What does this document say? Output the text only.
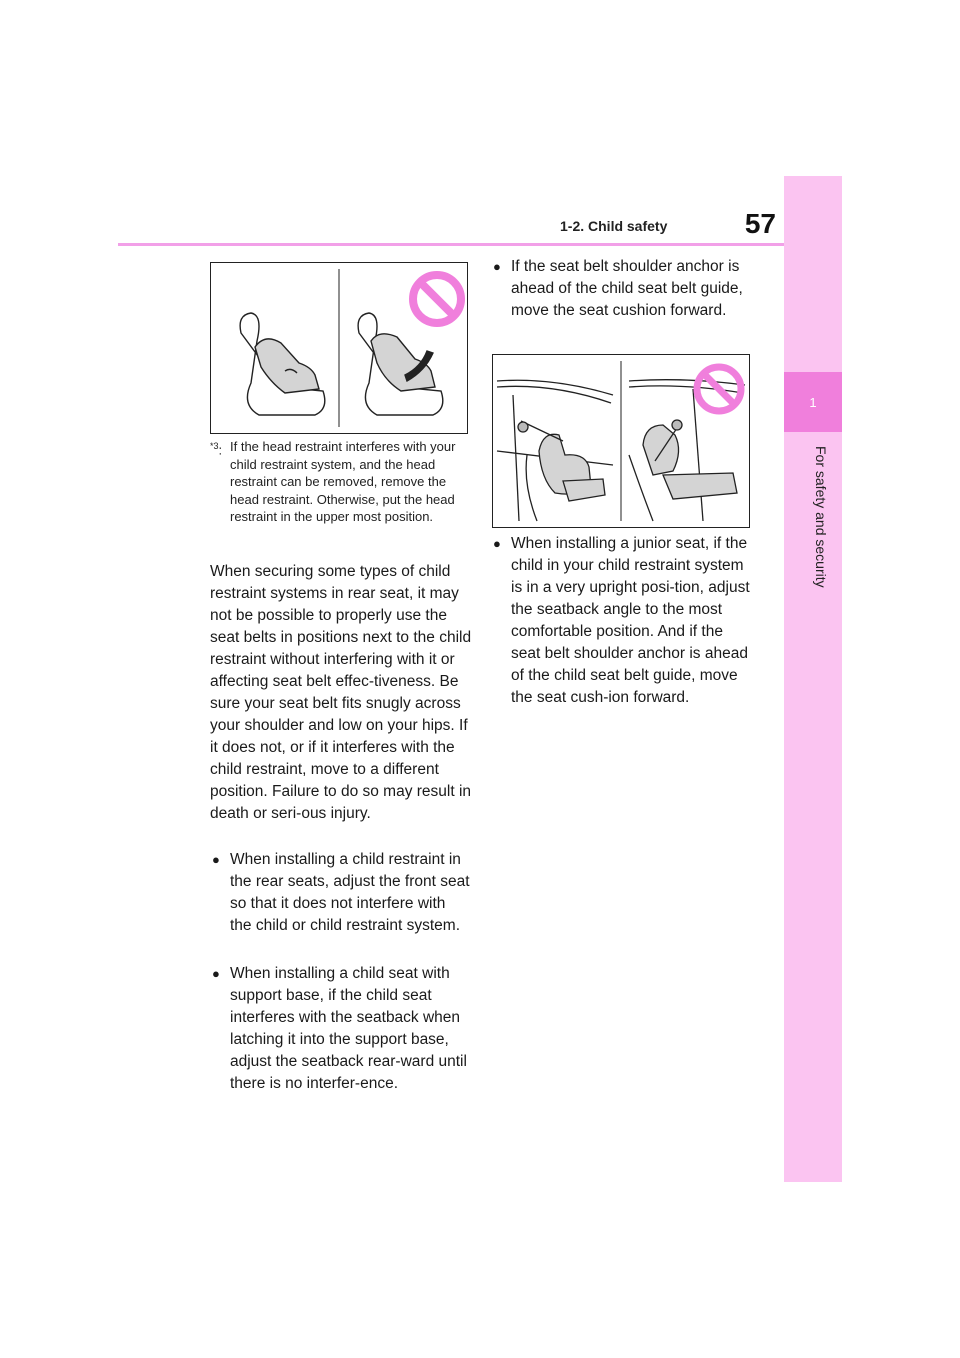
1-2. Child safety	57
1
For safety and security
$^{*3}$: If the head restraint interferes with your child restraint system, and the head restraint can be removed, remove the head restraint. Otherwise, put the head restraint in the upper most position.
When securing some types of child restraint systems in rear seat, it may not be possible to properly use the seat belts in positions next to the child restraint without interfering with it or affecting seat belt effec-tiveness. Be sure your seat belt fits snugly across your shoulder and low on your hips. If it does not, or if it interferes with the child restraint, move to a different position. Failure to do so may result in death or seri-ous injury.
● When installing a child restraint in the rear seats, adjust the front seat so that it does not interfere with the child or child restraint system.
● When installing a child seat with support base, if the child seat interferes with the seatback when latching it into the support base, adjust the seatback rear-ward until there is no interfer-ence.
● If the seat belt shoulder anchor is ahead of the child seat belt guide, move the seat cushion forward.
● When installing a junior seat, if the child in your child restraint system is in a very upright posi-tion, adjust the seatback angle to the most comfortable position. And if the seat belt shoulder anchor is ahead of the child seat belt guide, move the seat cush-ion forward.
